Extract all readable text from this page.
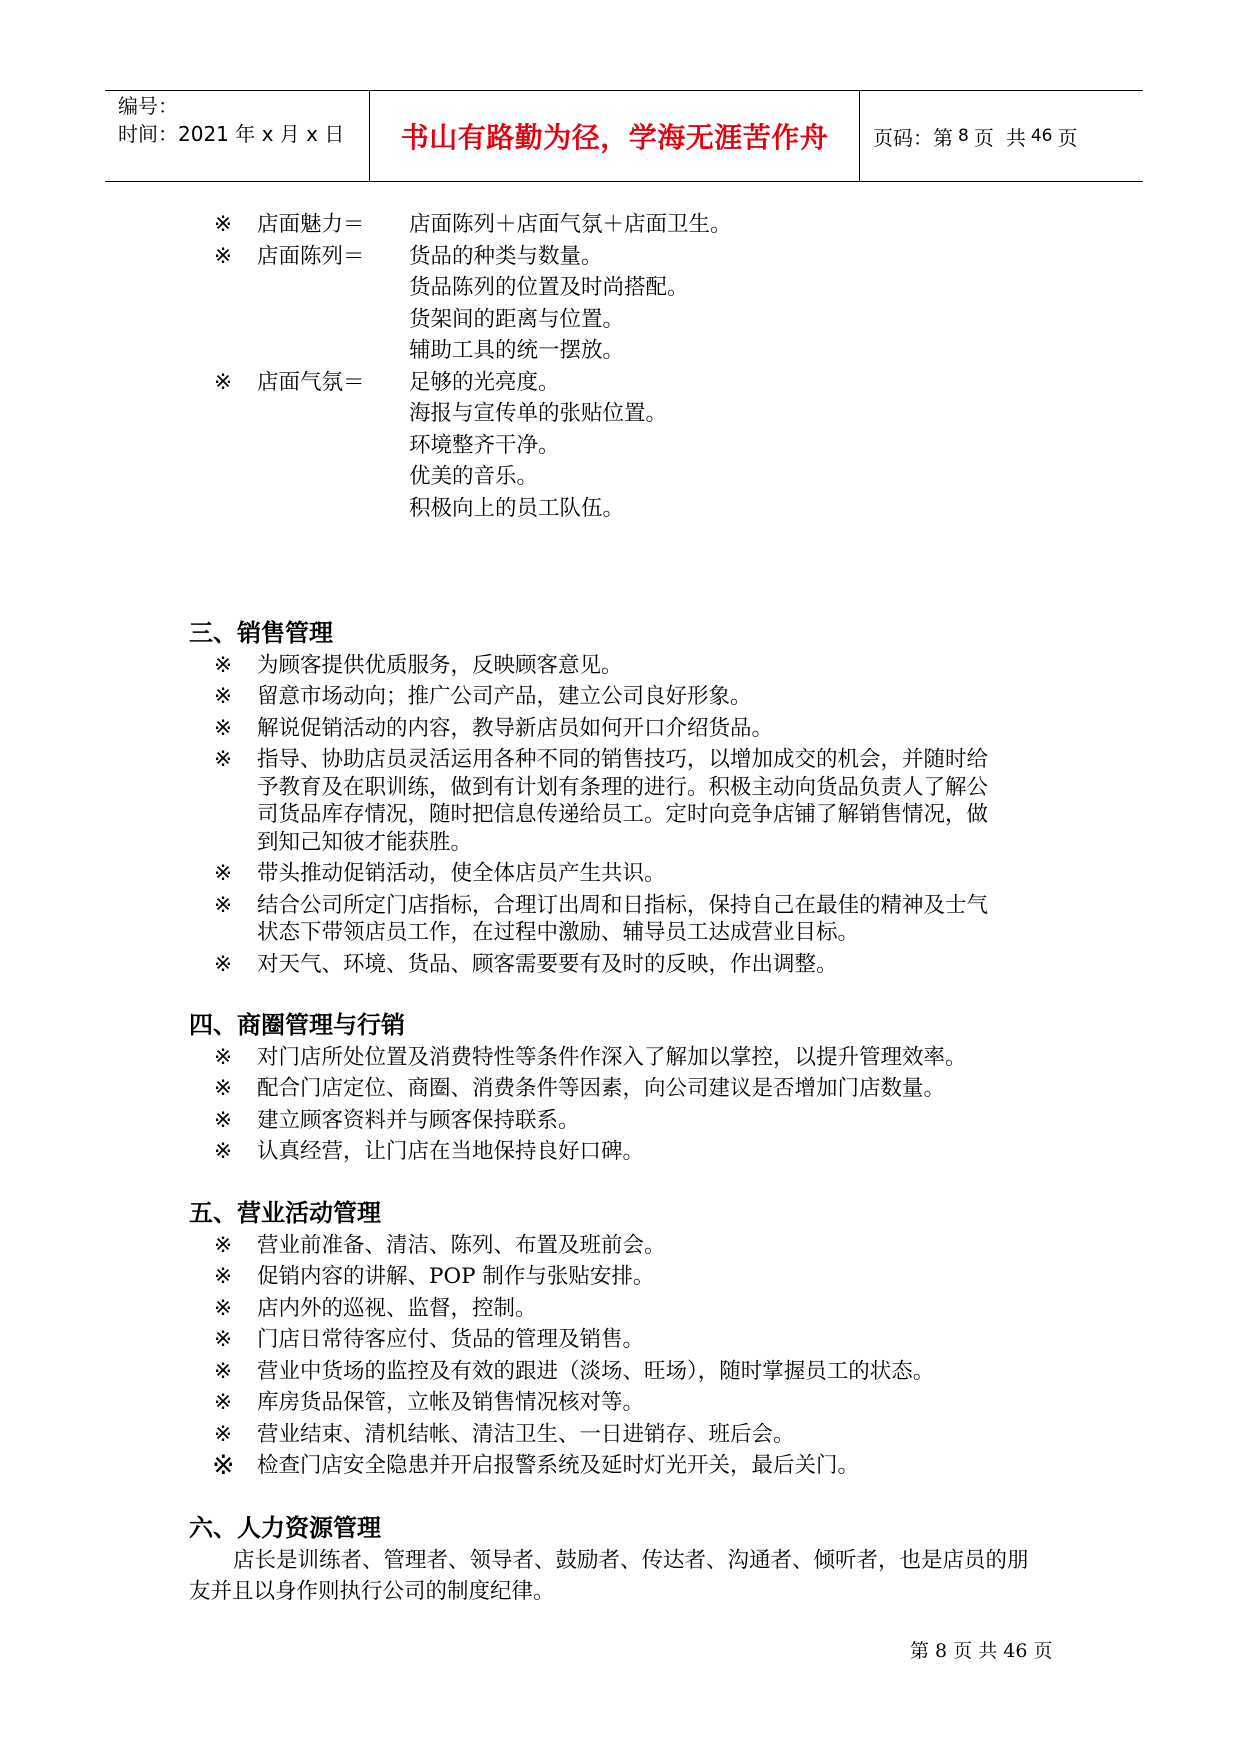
编号：
时间：2021 年 x 月 x 日	书山有路勤为径，学海无涯苦作舟 页码：第 8 页 共 46 页
※ 店面魅力＝ 店面陈列＋店面气氛＋店面卫生。
※ 店面陈列＝ 货品的种类与数量。
货品陈列的位置及时尚搭配。
货架间的距离与位置。
辅助工具的统一摆放。
※ 店面气氛＝ 足够的光亮度。
海报与宣传单的张贴位置。
环境整齐干净。
优美的音乐。
积极向上的员工队伍。
三、销售管理
※ 为顾客提供优质服务，反映顾客意见。
※ 留意市场动向；推广公司产品，建立公司良好形象。
※ 解说促销活动的内容，教导新店员如何开口介绍货品。
※ 指导、协助店员灵活运用各种不同的销售技巧，以增加成交的机会，并随时给
予教育及在职训练，做到有计划有条理的进行。积极主动向货品负责人了解公
司货品库存情况，随时把信息传递给员工。定时向竞争店铺了解销售情况，做
到知己知彼才能获胜。
※ 带头推动促销活动，使全体店员产生共识。
※ 结合公司所定门店指标，合理订出周和日指标，保持自己在最佳的精神及士气
状态下带领店员工作，在过程中激励、辅导员工达成营业目标。
※ 对天气、环境、货品、顾客需要要有及时的反映，作出调整。
四、商圈管理与行销
※ 对门店所处位置及消费特性等条件作深入了解加以掌控，以提升管理效率。
※ 配合门店定位、商圈、消费条件等因素，向公司建议是否增加门店数量。
※ 建立顾客资料并与顾客保持联系。
※ 认真经营，让门店在当地保持良好口碑。
五、营业活动管理
※ 营业前准备、清洁、陈列、布置及班前会。
※ 促销内容的讲解、POP 制作与张贴安排。
※ 店内外的巡视、监督，控制。
※ 门店日常待客应付、货品的管理及销售。
※ 营业中货场的监控及有效的跟进（淡场、旺场），随时掌握员工的状态。
※ 库房货品保管，立帐及销售情况核对等。
※ 营业结束、清机结帐、清洁卫生、一日进销存、班后会。
※ 检查门店安全隐患并开启报警系统及延时灯光开关，最后关门。
六、人力资源管理
店长是训练者、管理者、领导者、鼓励者、传达者、沟通者、倾听者，也是店员的朋
友并且以身作则执行公司的制度纪律。
第 8 页 共 46 页
